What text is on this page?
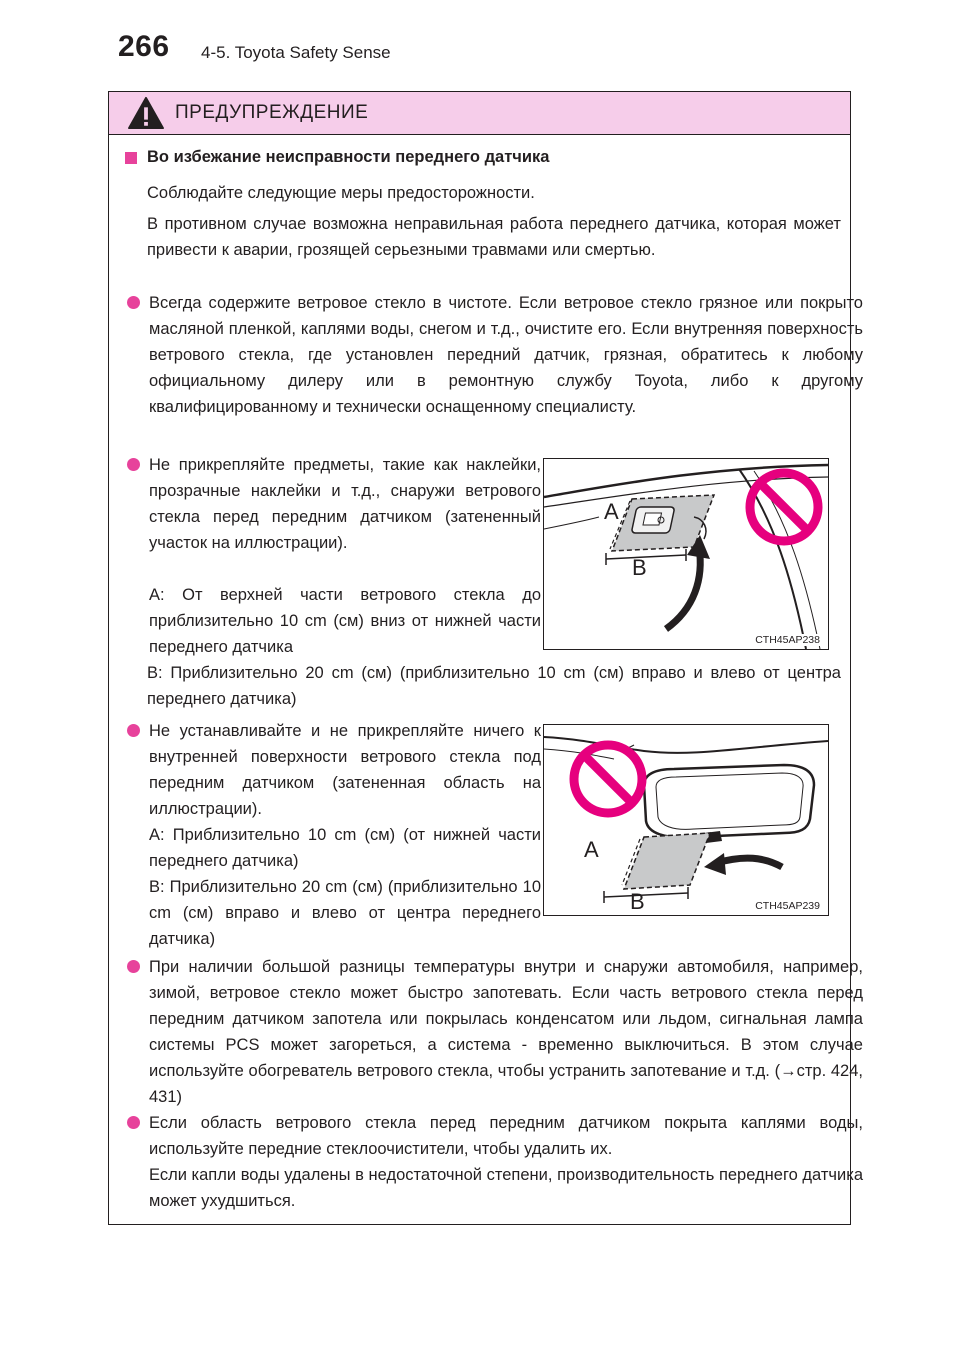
266 4-5. Toyota Safety Sense
ПРЕДУПРЕЖДЕНИЕ
Во избежание неисправности переднего датчика
Соблюдайте следующие меры предосторожности.
В противном случае возможна неправильная работа переднего датчика, которая может привести к аварии, грозящей серьезными травмами или смертью.
Всегда содержите ветровое стекло в чистоте. Если ветровое стекло грязное или покрыто масляной пленкой, каплями воды, снегом и т.д., очистите его. Если внутренняя поверхность ветрового стекла, где установлен передний датчик, грязная, обратитесь к любому официальному дилеру или в ремонтную службу Toyota, либо к другому квалифицированному и технически оснащенному специалисту.
Не прикрепляйте предметы, такие как наклейки, прозрачные наклейки и т.д., снаружи ветрового стекла перед передним датчиком (затененный участок на иллюстрации).
A: От верхней части ветрового стекла до приблизительно 10 cm (см) вниз от нижней части переднего датчика
A
B
CTH45AP238
B: Приблизительно 20 cm (см) (приблизительно 10 cm (см) вправо и влево от центра переднего датчика)
Не устанавливайте и не прикрепляйте ничего к внутренней поверхности ветрового стекла под передним датчиком (затененная область на иллюстрации).
A: Приблизительно 10 cm (см) (от нижней части переднего датчика)
B: Приблизительно 20 cm (см) (приблизительно 10 cm (см) вправо и влево от центра переднего датчика)
A
B	CTH45AP239
При наличии большой разницы температуры внутри и снаружи автомобиля, например, зимой, ветровое стекло может быстро запотевать. Если часть ветрового стекла перед передним датчиком запотела или покрылась конденсатом или льдом, сигнальная лампа системы PCS может загореться, а система - временно выключиться. В этом случае используйте обогреватель ветрового стекла, чтобы устранить запотевание и т.д. (→стр. 424, 431)
Если область ветрового стекла перед передним датчиком покрыта каплями воды, используйте передние стеклоочистители, чтобы удалить их.
Если капли воды удалены в недостаточной степени, производительность переднего датчика может ухудшиться.
